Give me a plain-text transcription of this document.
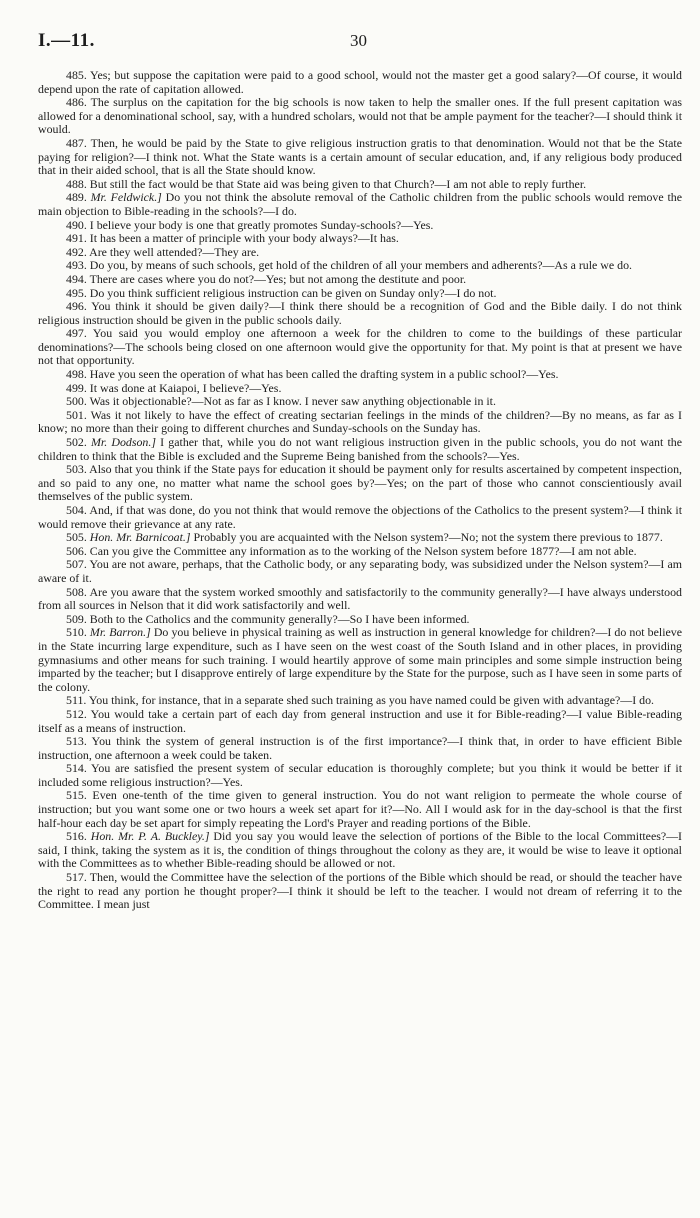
I.—11.	30

485. Yes; but suppose the capitation were paid to a good school, would not the master get a good salary?—Of course, it would depend upon the rate of capitation allowed.

486. The surplus on the capitation for the big schools is now taken to help the smaller ones. If the full present capitation was allowed for a denominational school, say, with a hundred scholars, would not that be ample payment for the teacher?—I should think it would.

487. Then, he would be paid by the State to give religious instruction gratis to that denomination. Would not that be the State paying for religion?—I think not. What the State wants is a certain amount of secular education, and, if any religious body produced that in their aided school, that is all the State should know.

488. But still the fact would be that State aid was being given to that Church?—I am not able to reply further.

489. Mr. Feldwick.] Do you not think the absolute removal of the Catholic children from the public schools would remove the main objection to Bible-reading in the schools?—I do.

490. I believe your body is one that greatly promotes Sunday-schools?—Yes.

491. It has been a matter of principle with your body always?—It has.

492. Are they well attended?—They are.

493. Do you, by means of such schools, get hold of the children of all your members and adherents?—As a rule we do.

494. There are cases where you do not?—Yes; but not among the destitute and poor.

495. Do you think sufficient religious instruction can be given on Sunday only?—I do not.

496. You think it should be given daily?—I think there should be a recognition of God and the Bible daily. I do not think religious instruction should be given in the public schools daily.

497. You said you would employ one afternoon a week for the children to come to the buildings of these particular denominations?—The schools being closed on one afternoon would give the opportunity for that. My point is that at present we have not that opportunity.

498. Have you seen the operation of what has been called the drafting system in a public school?—Yes.

499. It was done at Kaiapoi, I believe?—Yes.

500. Was it objectionable?—Not as far as I know. I never saw anything objectionable in it.

501. Was it not likely to have the effect of creating sectarian feelings in the minds of the children?—By no means, as far as I know; no more than their going to different churches and Sunday-schools on the Sunday has.

502. Mr. Dodson.] I gather that, while you do not want religious instruction given in the public schools, you do not want the children to think that the Bible is excluded and the Supreme Being banished from the schools?—Yes.

503. Also that you think if the State pays for education it should be payment only for results ascertained by competent inspection, and so paid to any one, no matter what name the school goes by?—Yes; on the part of those who cannot conscientiously avail themselves of the public system.

504. And, if that was done, do you not think that would remove the objections of the Catholics to the present system?—I think it would remove their grievance at any rate.

505. Hon. Mr. Barnicoat.] Probably you are acquainted with the Nelson system?—No; not the system there previous to 1877.

506. Can you give the Committee any information as to the working of the Nelson system before 1877?—I am not able.

507. You are not aware, perhaps, that the Catholic body, or any separating body, was subsidized under the Nelson system?—I am aware of it.

508. Are you aware that the system worked smoothly and satisfactorily to the community generally?—I have always understood from all sources in Nelson that it did work satisfactorily and well.

509. Both to the Catholics and the community generally?—So I have been informed.

510. Mr. Barron.] Do you believe in physical training as well as instruction in general knowledge for children?—I do not believe in the State incurring large expenditure, such as I have seen on the west coast of the South Island and in other places, in providing gymnasiums and other means for such training. I would heartily approve of some main principles and some simple instruction being imparted by the teacher; but I disapprove entirely of large expenditure by the State for the purpose, such as I have seen in some parts of the colony.

511. You think, for instance, that in a separate shed such training as you have named could be given with advantage?—I do.

512. You would take a certain part of each day from general instruction and use it for Bible-reading?—I value Bible-reading itself as a means of instruction.

513. You think the system of general instruction is of the first importance?—I think that, in order to have efficient Bible instruction, one afternoon a week could be taken.

514. You are satisfied the present system of secular education is thoroughly complete; but you think it would be better if it included some religious instruction?—Yes.

515. Even one-tenth of the time given to general instruction. You do not want religion to permeate the whole course of instruction; but you want some one or two hours a week set apart for it?—No. All I would ask for in the day-school is that the first half-hour each day be set apart for simply repeating the Lord's Prayer and reading portions of the Bible.

516. Hon. Mr. P. A. Buckley.] Did you say you would leave the selection of portions of the Bible to the local Committees?—I said, I think, taking the system as it is, the condition of things throughout the colony as they are, it would be wise to leave it optional with the Committees as to whether Bible-reading should be allowed or not.

517. Then, would the Committee have the selection of the portions of the Bible which should be read, or should the teacher have the right to read any portion he thought proper?—I think it should be left to the teacher. I would not dream of referring it to the Committee. I mean just
